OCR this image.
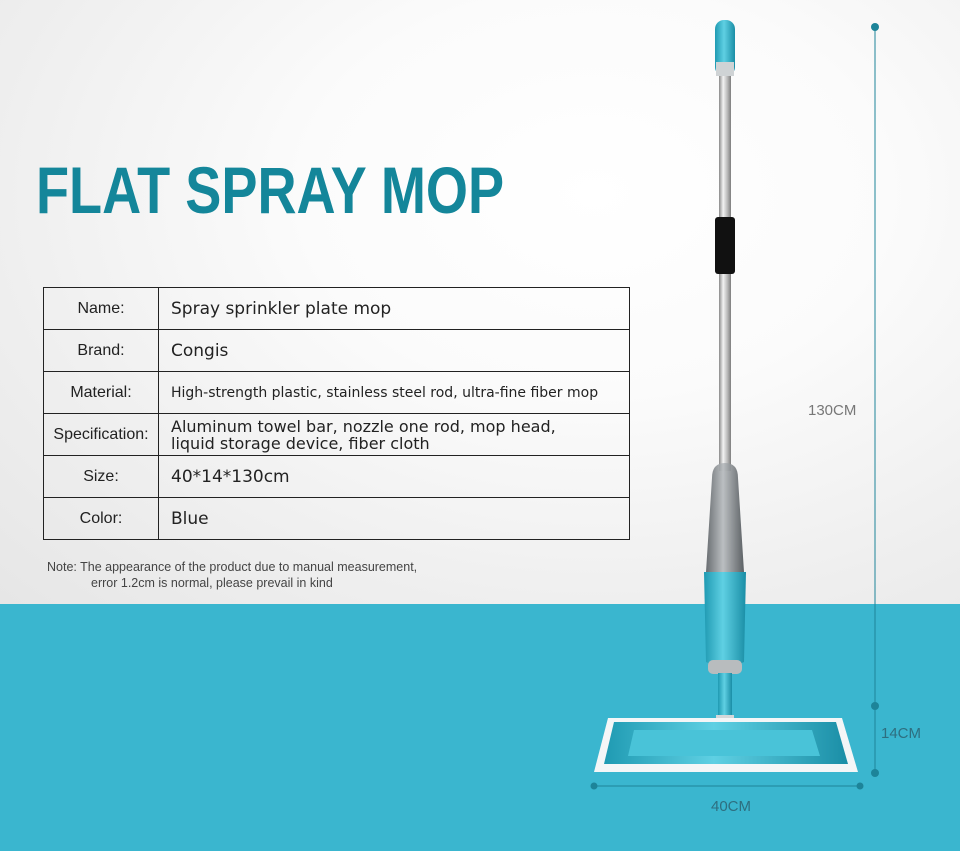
FLAT SPRAY MOP
Name:	Spray sprinkler plate mop
Brand:	Congis
Material:	High-strength plastic, stainless steel rod, ultra-fine fiber mop
Specification:	Aluminum towel bar, nozzle one rod, mop head,
liquid storage device, fiber cloth
Size:	40*14*130cm
Color:	Blue
Note: The appearance of the product due to manual measurement,
error 1.2cm is normal, please prevail in kind
130CM
14CM
40CM
